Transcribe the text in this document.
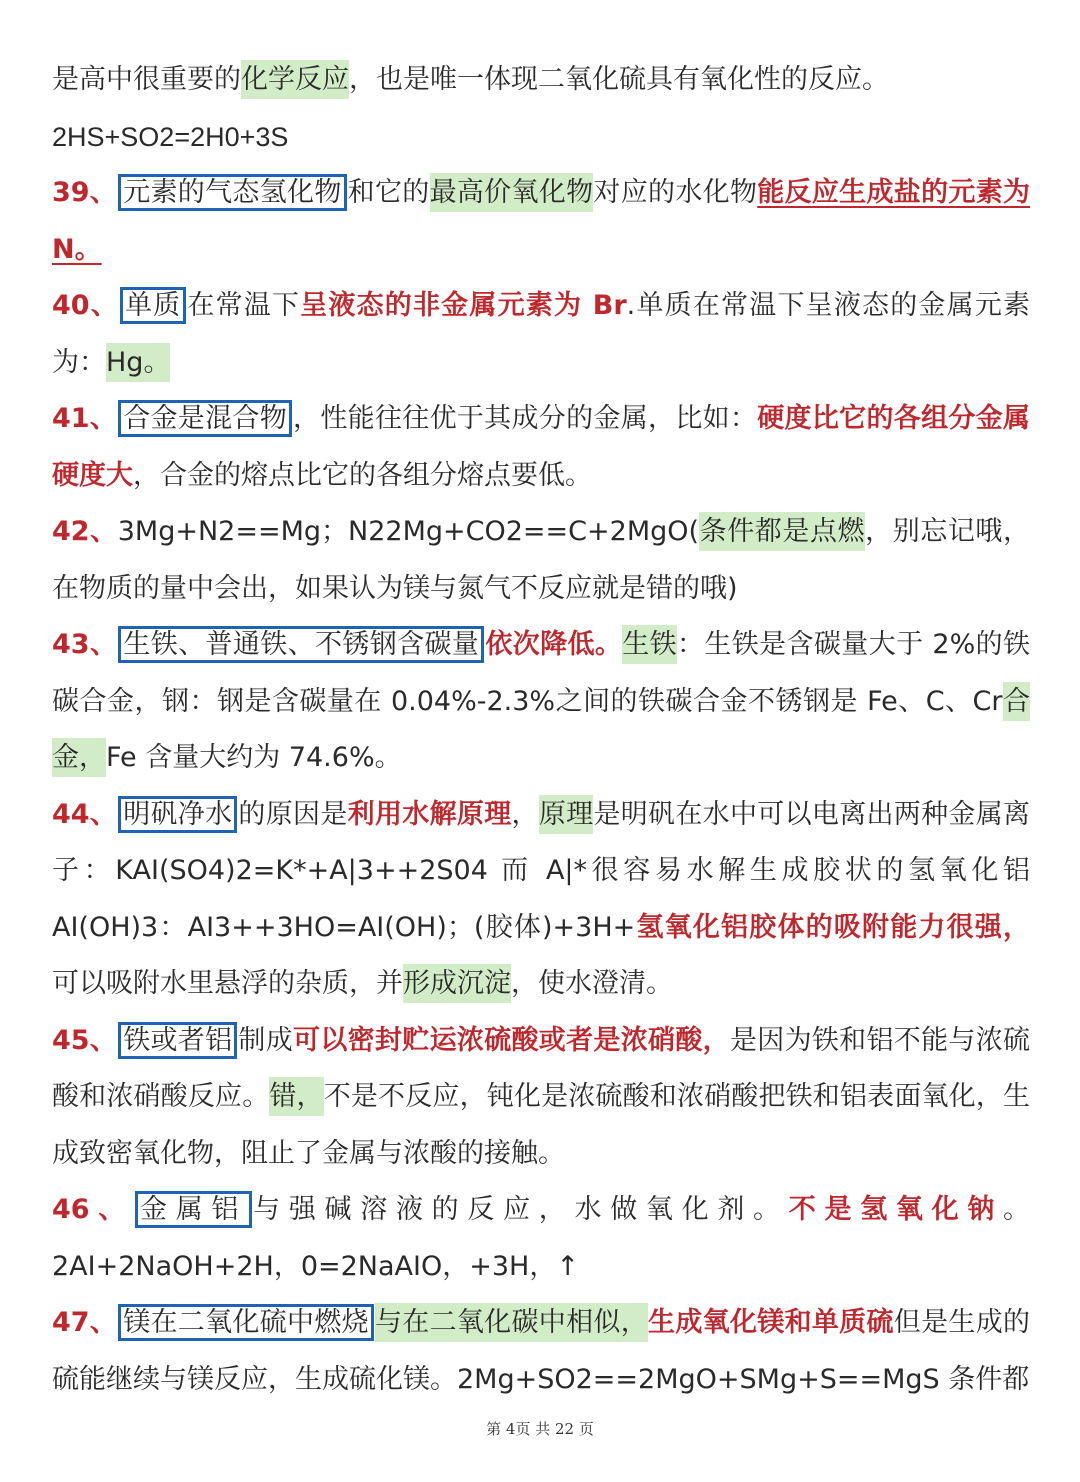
是高中很重要的化学反应，也是唯一体现二氧化硫具有氧化性的反应。

2HS+SO2=2H0+3S

39、 元素的气态氢化物 和它的最高价氧化物对应的水化物能反应生成盐的元素为 N。

40、 单质 在常温下呈液态的非金属元素为 Br.单质在常温下呈液态的金属元素为：Hg。

41、 合金是混合物 ，性能往往优于其成分的金属，比如：硬度比它的各组分金属硬度大，合金的熔点比它的各组分熔点要低。

42、3Mg+N2==Mg；N22Mg+CO2==C+2MgO(条件都是点燃，别忘记哦，在物质的量中会出，如果认为镁与氮气不反应就是错的哦)

43、 生铁、普通铁、不锈钢含碳量 依次降低。生铁：生铁是含碳量大于 2%的铁碳合金，钢：钢是含碳量在 0.04%-2.3%之间的铁碳合金不锈钢是 Fe、C、Cr合金，Fe 含量大约为 74.6%。

44、 明矾净水 的原因是利用水解原理，原理是明矾在水中可以电离出两种金属离子：KAI(SO4)2=K*+A|3++2S04 而 A|*很容易水解生成胶状的氢氧化铝 AI(OH)3：AI3++3HO=AI(OH)；(胶体)+3H+氢氧化铝胶体的吸附能力很强，可以吸附水里悬浮的杂质，并形成沉淀，使水澄清。

45、 铁或者铝 制成可以密封贮运浓硫酸或者是浓硝酸，是因为铁和铝不能与浓硫酸和浓硝酸反应。错，不是不反应，钝化是浓硫酸和浓硝酸把铁和铝表面氧化，生成致密氧化物，阻止了金属与浓酸的接触。

46、 金属铝 与强碱溶液的反应，水做氧化剂。不是氢氧化钠。2AI+2NaOH+2H，0=2NaAIO，+3H，↑

47、 镁在二氧化硫中燃烧 与在二氧化碳中相似，生成氧化镁和单质硫但是生成的硫能继续与镁反应，生成硫化镁。2Mg+SO2==2MgO+SMg+S==MgS 条件都

第 4页 共 22 页
